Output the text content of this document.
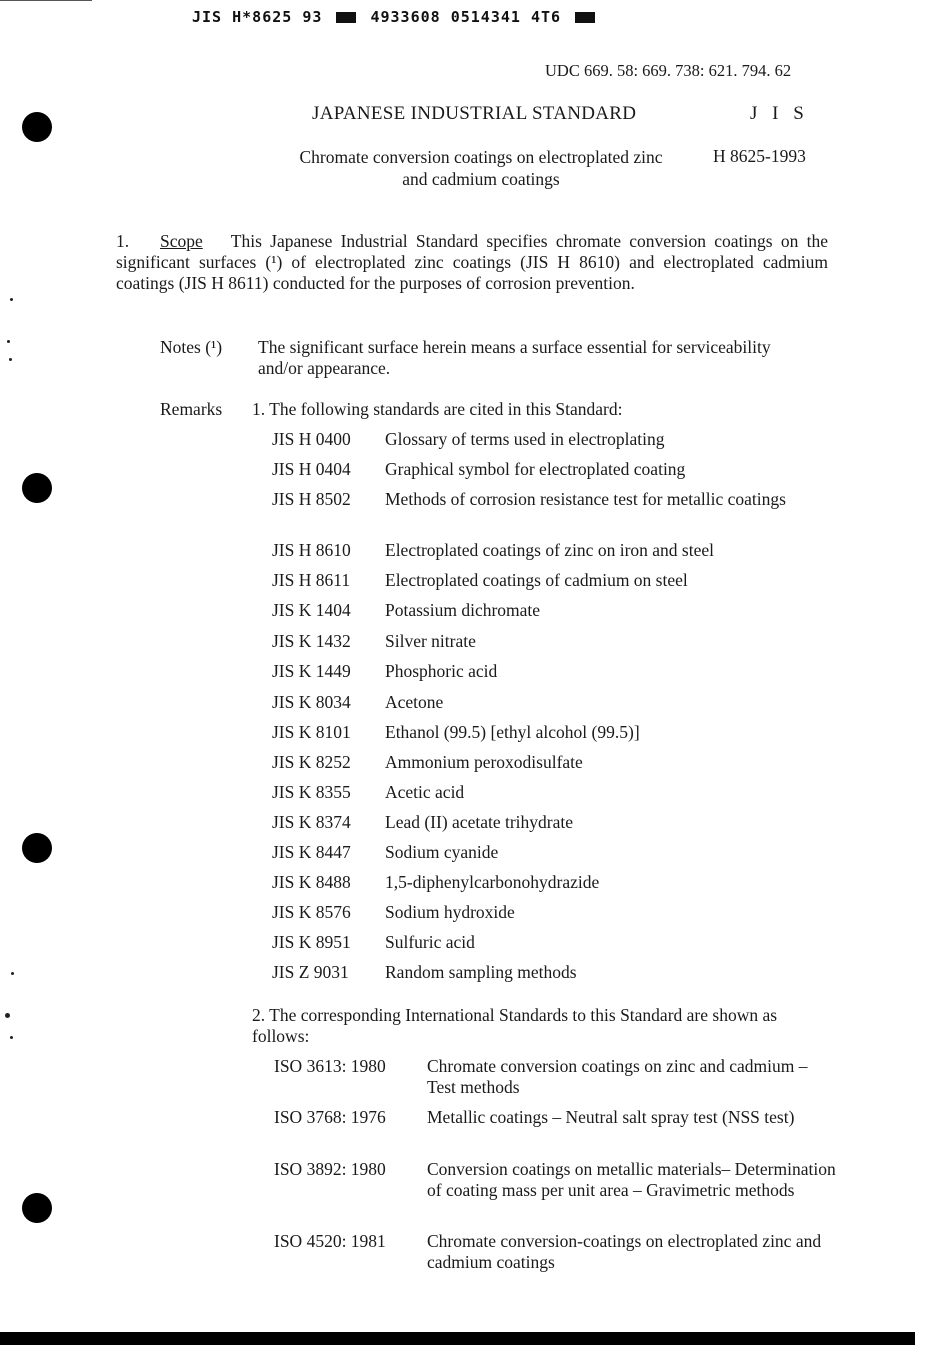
JIS H*8625 93	4933608 0514341 4T6
UDC 669. 58: 669. 738: 621. 794. 62
JAPANESE INDUSTRIAL STANDARD	J I S
Chromate conversion coatings on electroplated zinc and cadmium coatings
H 8625-1993
1. Scope This Japanese Industrial Standard specifies chromate conversion coatings on the significant surfaces (¹) of electroplated zinc coatings (JIS H 8610) and electroplated cadmium coatings (JIS H 8611) conducted for the purposes of corrosion prevention.
Notes (¹) The significant surface herein means a surface essential for serviceability and/or appearance.
Remarks 1. The following standards are cited in this Standard:
JIS H 0400 Glossary of terms used in electroplating
JIS H 0404 Graphical symbol for electroplated coating
JIS H 8502 Methods of corrosion resistance test for metallic coatings
JIS H 8610 Electroplated coatings of zinc on iron and steel
JIS H 8611 Electroplated coatings of cadmium on steel
JIS K 1404 Potassium dichromate
JIS K 1432 Silver nitrate
JIS K 1449 Phosphoric acid
JIS K 8034 Acetone
JIS K 8101 Ethanol (99.5) [ethyl alcohol (99.5)]
JIS K 8252 Ammonium peroxodisulfate
JIS K 8355 Acetic acid
JIS K 8374 Lead (II) acetate trihydrate
JIS K 8447 Sodium cyanide
JIS K 8488 1,5-diphenylcarbonohydrazide
JIS K 8576 Sodium hydroxide
JIS K 8951 Sulfuric acid
JIS Z 9031 Random sampling methods
2. The corresponding International Standards to this Standard are shown as follows:
ISO 3613: 1980 Chromate conversion coatings on zinc and cadmium – Test methods
ISO 3768: 1976 Metallic coatings – Neutral salt spray test (NSS test)
ISO 3892: 1980 Conversion coatings on metallic materials– Determination of coating mass per unit area – Gravimetric methods
ISO 4520: 1981 Chromate conversion-coatings on electroplated zinc and cadmium coatings
